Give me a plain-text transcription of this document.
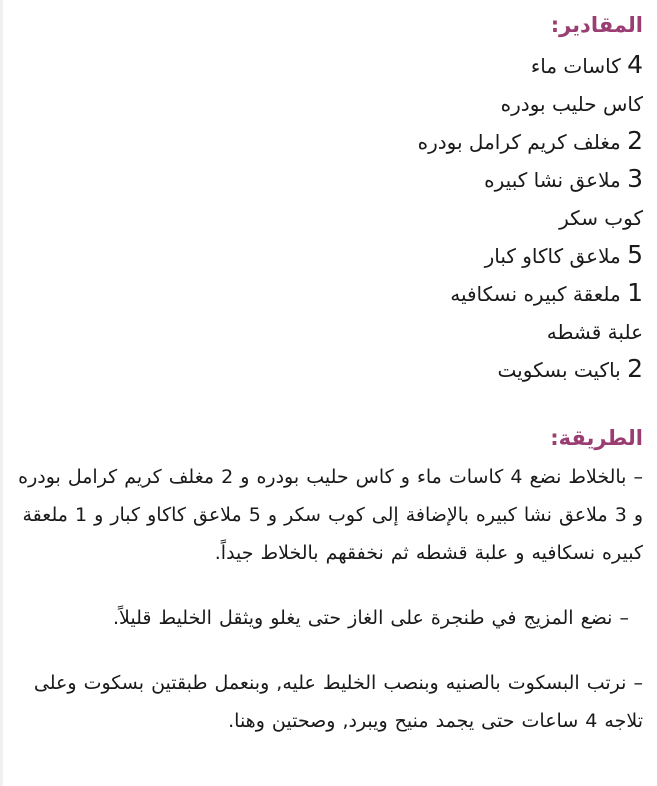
المقادير:
4 كاسات ماء
كاس حليب بودره
2 مغلف كريم كرامل بودره
3 ملاعق نشا كبيره
كوب سكر
5 ملاعق كاكاو كبار
1 ملعقة كبيره نسكافيه
علبة قشطه
2 باكيت بسكويت
الطريقة:

– بالخلاط نضع 4 كاسات ماء و كاس حليب بودره و 2 مغلف كريم كرامل بودره و 3 ملاعق نشا كبيره بالإضافة إلى كوب سكر و 5 ملاعق كاكاو كبار و 1 ملعقة كبيره نسكافيه و علبة قشطه ثم نخفقهم بالخلاط جيداً.

– نضع المزيج في طنجرة على الغاز حتى يغلو ويثقل الخليط قليلاً.

– نرتب البسكوت بالصنيه وبنصب الخليط عليه, وبنعمل طبقتين بسكوت وعلى تلاجه 4 ساعات حتى يجمد منيح ويبرد, وصحتين وهنا.
